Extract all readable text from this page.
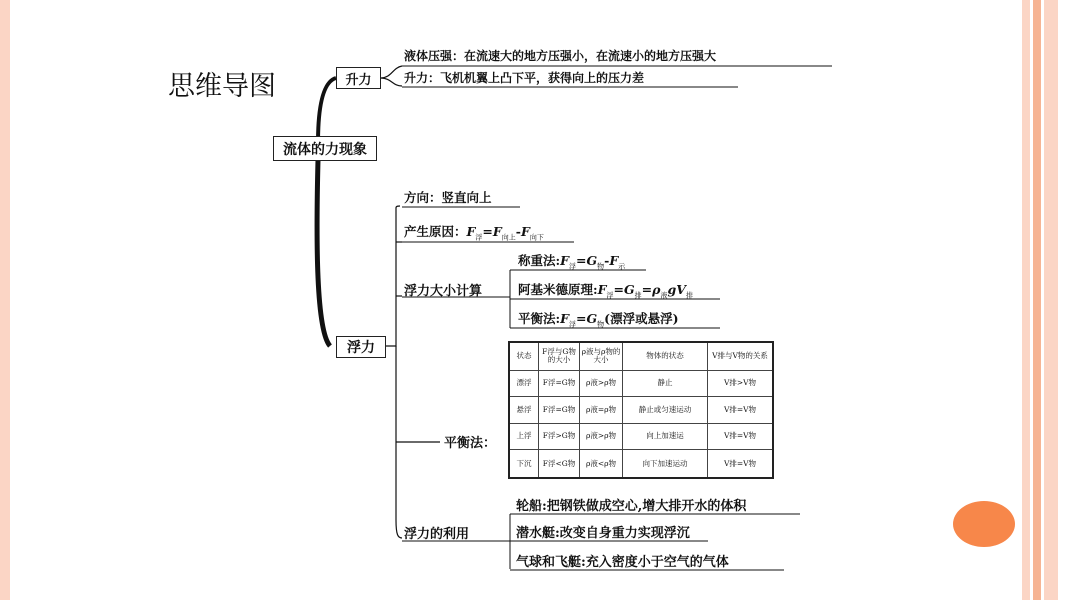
思维导图
流体的力现象
升力
液体压强：在流速大的地方压强小，在流速小的地方压强大
升力：飞机机翼上凸下平，获得向上的压力差
浮力
方向：竖直向上
产生原因：$F_浮=F_{向上}-F_{向下}$
浮力大小计算
称重法$:F_浮=G_物-F_示$
阿基米德原理$:F_浮=G_排=\rho_液gV_排$
平衡法$:F_浮=G_物$(漂浮或悬浮)
平衡法：
状态	F浮与G物的大小	ρ液与ρ物的大小	物体的状态	V排与V物的关系
漂浮	F浮=G物	ρ液>ρ物	静止	V排>V物
悬浮	F浮=G物	ρ液=ρ物	静止或匀速运动	V排=V物
上浮	F浮>G物	ρ液>ρ物	向上加速运	V排=V物
下沉	F浮<G物	ρ液<ρ物	向下加速运动	V排=V物
浮力的利用
轮船:把钢铁做成空心,增大排开水的体积
潜水艇:改变自身重力实现浮沉
气球和飞艇:充入密度小于空气的气体
